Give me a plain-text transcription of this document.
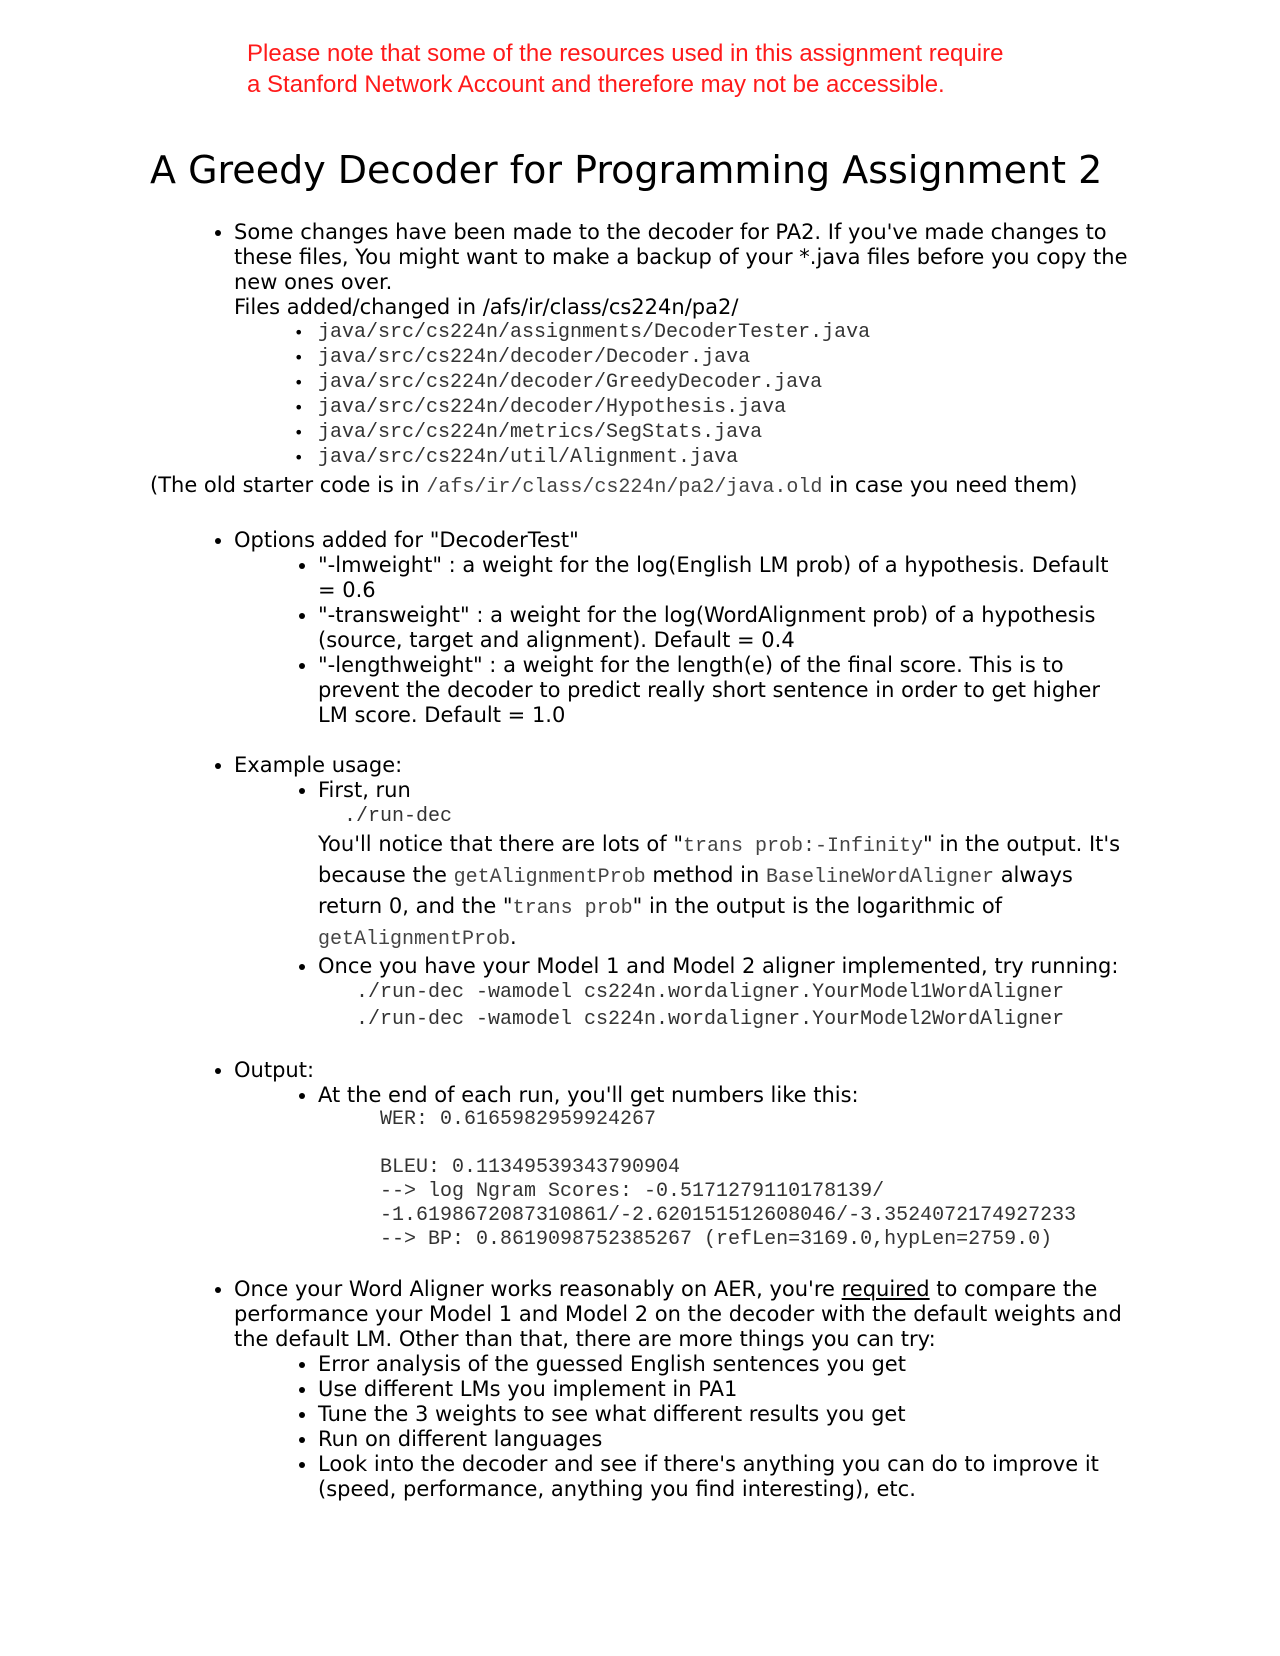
Please note that some of the resources used in this assignment require
a Stanford Network Account and therefore may not be accessible.
A Greedy Decoder for Programming Assignment 2
• Some changes have been made to the decoder for PA2. If you've made changes to these files, You might want to make a backup of your *.java files before you copy the new ones over.
Files added/changed in /afs/ir/class/cs224n/pa2/
• java/src/cs224n/assignments/DecoderTester.java
• java/src/cs224n/decoder/Decoder.java
• java/src/cs224n/decoder/GreedyDecoder.java
• java/src/cs224n/decoder/Hypothesis.java
• java/src/cs224n/metrics/SegStats.java
• java/src/cs224n/util/Alignment.java
(The old starter code is in /afs/ir/class/cs224n/pa2/java.old in case you need them)
• Options added for "DecoderTest"
• "-lmweight" : a weight for the log(English LM prob) of a hypothesis. Default = 0.6
• "-transweight" : a weight for the log(WordAlignment prob) of a hypothesis (source, target and alignment). Default = 0.4
• "-lengthweight" : a weight for the length(e) of the final score. This is to prevent the decoder to predict really short sentence in order to get higher LM score. Default = 1.0
• Example usage:
• First, run
./run-dec
You'll notice that there are lots of "trans prob:-Infinity" in the output. It's because the getAlignmentProb method in BaselineWordAligner always return 0, and the "trans prob" in the output is the logarithmic of getAlignmentProb.
• Once you have your Model 1 and Model 2 aligner implemented, try running:
./run-dec -wamodel cs224n.wordaligner.YourModel1WordAligner
./run-dec -wamodel cs224n.wordaligner.YourModel2WordAligner
• Output:
• At the end of each run, you'll get numbers like this:
WER: 0.6165982959924267

BLEU: 0.11349539343790904
--> log Ngram Scores: -0.5171279110178139/
-1.6198672087310861/-2.620151512608046/-3.3524072174927233
--> BP: 0.8619098752385267 (refLen=3169.0,hypLen=2759.0)
• Once your Word Aligner works reasonably on AER, you're required to compare the performance your Model 1 and Model 2 on the decoder with the default weights and the default LM. Other than that, there are more things you can try:
• Error analysis of the guessed English sentences you get
• Use different LMs you implement in PA1
• Tune the 3 weights to see what different results you get
• Run on different languages
• Look into the decoder and see if there's anything you can do to improve it (speed, performance, anything you find interesting), etc.
